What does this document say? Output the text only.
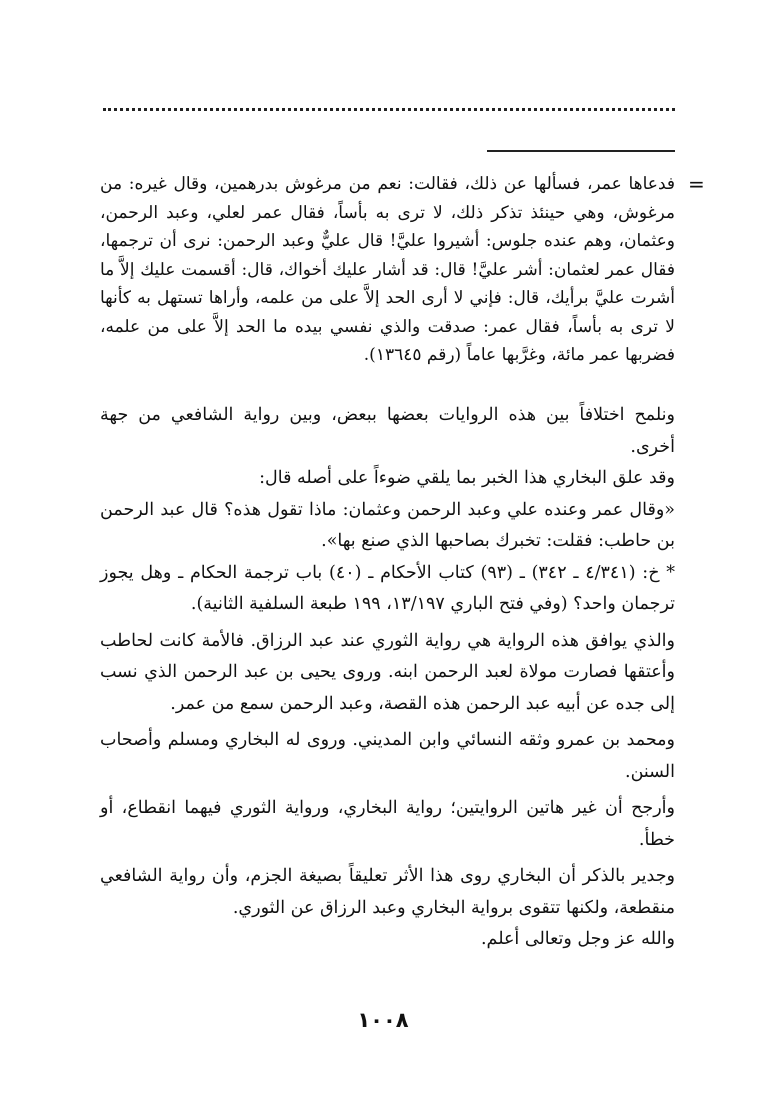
=

فدعاها عمر، فسألها عن ذلك، فقالت: نعم من مرغوش بدرهمين، وقال غيره: من مرغوش، وهي حينئذ تذكر ذلك، لا ترى به بأساً، فقال عمر لعلي، وعبد الرحمن، وعثمان، وهم عنده جلوس: أشيروا عليَّ! قال عليٌّ وعبد الرحمن: نرى أن ترجمها، فقال عمر لعثمان: أشر عليَّ! قال: قد أشار عليك أخواك، قال: أقسمت عليك إلاَّ ما أشرت عليَّ برأيك، قال: فإني لا أرى الحد إلاَّ على من علمه، وأراها تستهل به كأنها لا ترى به بأساً، فقال عمر: صدقت والذي نفسي بيده ما الحد إلاَّ على من علمه، فضربها عمر مائة، وغرَّبها عاماً (رقم ١٣٦٤٥).

ونلمح اختلافاً بين هذه الروايات بعضها ببعض، وبين رواية الشافعي من جهة أخرى.

وقد علق البخاري هذا الخبر بما يلقي ضوءاً على أصله قال:

«وقال عمر وعنده علي وعبد الرحمن وعثمان: ماذا تقول هذه؟ قال عبد الرحمن بن حاطب: فقلت: تخبرك بصاحبها الذي صنع بها».

* خ: (٤/٣٤١ ـ ٣٤٢) ـ (٩٣) كتاب الأحكام ـ (٤٠) باب ترجمة الحكام ـ وهل يجوز ترجمان واحد؟ (وفي فتح الباري ١٣/١٩٧، ١٩٩ طبعة السلفية الثانية).

والذي يوافق هذه الرواية هي رواية الثوري عند عبد الرزاق. فالأمة كانت لحاطب وأعتقها فصارت مولاة لعبد الرحمن ابنه. وروى يحيى بن عبد الرحمن الذي نسب إلى جده عن أبيه عبد الرحمن هذه القصة، وعبد الرحمن سمع من عمر.

ومحمد بن عمرو وثقه النسائي وابن المديني. وروى له البخاري ومسلم وأصحاب السنن.

وأرجح أن غير هاتين الروايتين؛ رواية البخاري، ورواية الثوري فيهما انقطاع، أو خطأ.

وجدير بالذكر أن البخاري روى هذا الأثر تعليقاً بصيغة الجزم، وأن رواية الشافعي منقطعة، ولكنها تتقوى برواية البخاري وعبد الرزاق عن الثوري.

والله عز وجل وتعالى أعلم.

١٠٠٨
